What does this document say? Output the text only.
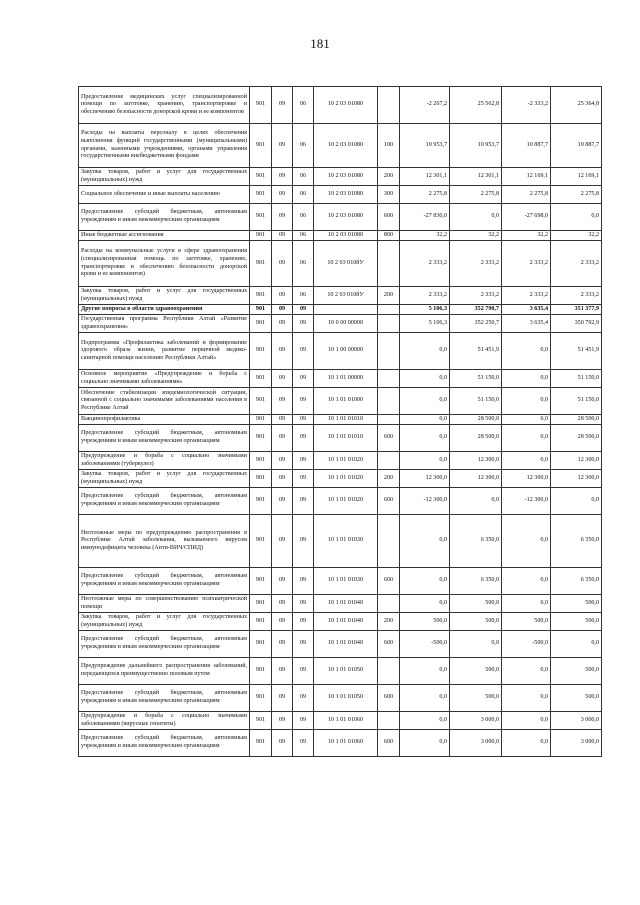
181
Предоставление медицинских услуг специализированной помощи по заготовке, хранению, транспортировке и обеспечению безопасности донорской крови и ее компонентов	901	09	06	10 2 03 01080		-2 267,2	25 562,8	-2 333,2	25 364,8
Расходы на выплаты персоналу в целях обеспечения выполнения функций государственными (муниципальными) органами, казенными учреждениями, органами управления государственными внебюджетными фондами	901	09	06	10 2 03 01080	100	10 953,7	10 953,7	10 887,7	10 887,7
Закупка товаров, работ и услуг для государственных (муниципальных) нужд	901	09	06	10 2 03 01080	200	12 301,1	12 301,1	12 169,1	12 169,1
Социальное обеспечение и иные выплаты населению	901	09	06	10 2 03 01080	300	2 275,8	2 275,8	2 275,8	2 275,8
Предоставление субсидий бюджетным, автономным учреждениям и иным некоммерческим организациям	901	09	06	10 2 03 01080	600	-27 830,0	0,0	-27 698,0	0,0
Иные бюджетные ассигнования	901	09	06	10 2 03 01080	800	32,2	32,2	32,2	32,2
Расходы на коммунальные услуги в сфере здравоохранения (специализированная помощь по заготовке, хранению, транспортировке и обеспечению безопасности донорской крови и ее компонентов)	901	09	06	10 2 03 0108У		2 333,2	2 333,2	2 333,2	2 333,2
Закупка товаров, работ и услуг для государственных (муниципальных) нужд	901	09	06	10 2 03 0108У	200	2 333,2	2 333,2	2 333,2	2 333,2
Другие вопросы в области здравоохранения	901	09	09			5 106,3	352 790,7	3 635,4	351 377,9
Государственная программа Республики Алтай «Развитие здравоохранения»	901	09	09	10 0 00 00000		5 106,3	352 250,7	3 635,4	350 792,9
Подпрограмма «Профилактика заболеваний и формирование здорового образа жизни, развитие первичной медико-санитарной помощи населению Республики Алтай»	901	09	09	10 1 00 00000		0,0	51 451,9	0,0	51 451,9
Основное мероприятие «Предупреждение и борьба с социально значимыми заболеваниями»	901	09	09	10 1 01 00000		0,0	51 150,0	0,0	51 150,0
Обеспечение стабилизации эпидемиологической ситуации, связанной с социально значимыми заболеваниями населения в Республике Алтай	901	09	09	10 1 01 01000		0,0	51 150,0	0,0	51 150,0
Вакцинопрофилактика	901	09	09	10 1 01 01010		0,0	28 500,0	0,0	28 500,0
Предоставление субсидий бюджетным, автономным учреждениям и иным некоммерческим организациям	901	09	09	10 1 01 01010	600	0,0	28 500,0	0,0	28 500,0
Предупреждение и борьба с социально значимыми заболеваниями (туберкулез)	901	09	09	10 1 01 01020		0,0	12 300,0	0,0	12 300,0
Закупка товаров, работ и услуг для государственных (муниципальных) нужд	901	09	09	10 1 01 01020	200	12 300,0	12 300,0	12 300,0	12 300,0
Предоставление субсидий бюджетным, автономным учреждениям и иным некоммерческим организациям	901	09	09	10 1 01 01020	600	-12 300,0	0,0	-12 300,0	0,0
Неотложные меры по предупреждению распространения в Республике Алтай заболевания, вызываемого вирусом иммунодефицита человека (Анти-ВИЧ/СПИД)	901	09	09	10 1 01 01030		0,0	6 350,0	0,0	6 350,0
Предоставление субсидий бюджетным, автономным учреждениям и иным некоммерческим организациям	901	09	09	10 1 01 01030	600	0,0	6 350,0	0,0	6 350,0
Неотложные меры по совершенствованию психиатрической помощи	901	09	09	10 1 01 01040		0,0	500,0	0,0	500,0
Закупка товаров, работ и услуг для государственных (муниципальных) нужд	901	09	09	10 1 01 01040	200	500,0	500,0	500,0	500,0
Предоставление субсидий бюджетным, автономным учреждениям и иным некоммерческим организациям	901	09	09	10 1 01 01040	600	-500,0	0,0	-500,0	0,0
Предупреждение дальнейшего распространения заболеваний, передающихся преимущественно половым путем	901	09	09	10 1 01 01050		0,0	500,0	0,0	500,0
Предоставление субсидий бюджетным, автономным учреждениям и иным некоммерческим организациям	901	09	09	10 1 01 01050	600	0,0	500,0	0,0	500,0
Предупреждение и борьба с социально значимыми заболеваниями (вирусные гепатиты)	901	09	09	10 1 01 01060		0,0	3 000,0	0,0	3 000,0
Предоставление субсидий бюджетным, автономным учреждениям и иным некоммерческим организациям	901	09	09	10 1 01 01060	600	0,0	3 000,0	0,0	3 000,0
